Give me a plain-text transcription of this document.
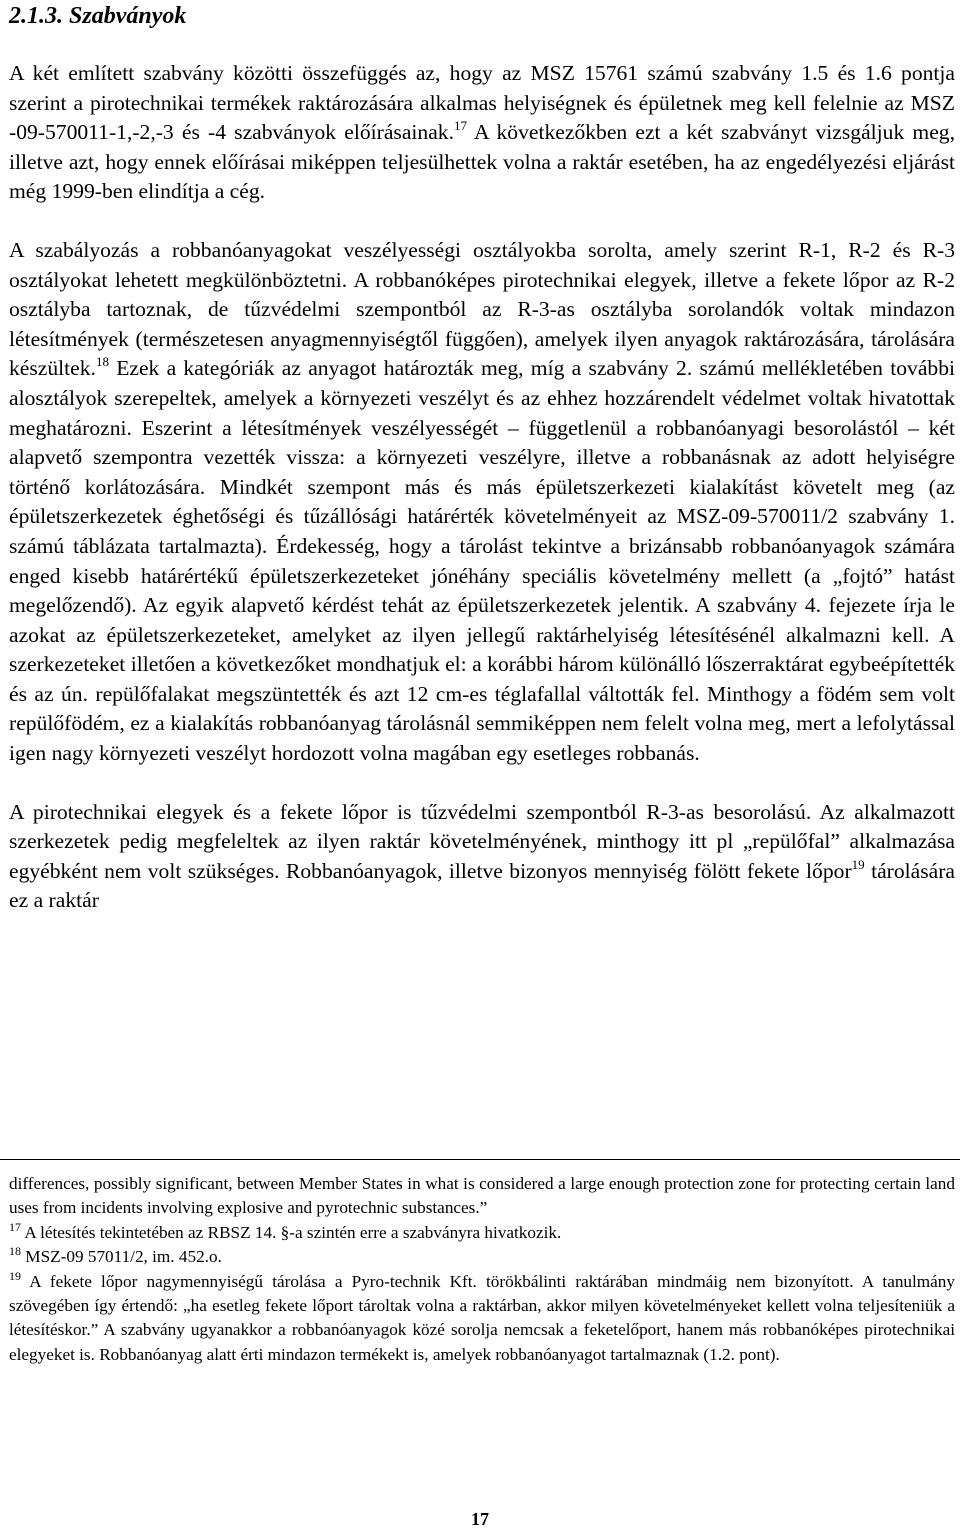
2.1.3. Szabványok

A két említett szabvány közötti összefüggés az, hogy az MSZ 15761 számú szabvány 1.5 és 1.6 pontja szerint a pirotechnikai termékek raktározására alkalmas helyiségnek és épületnek meg kell felelnie az MSZ -09-570011-1,-2,-3 és -4 szabványok előírásainak.$^{17}$ A következőkben ezt a két szabványt vizsgáljuk meg, illetve azt, hogy ennek előírásai miképpen teljesülhettek volna a raktár esetében, ha az engedélyezési eljárást még 1999-ben elindítja a cég.

A szabályozás a robbanóanyagokat veszélyességi osztályokba sorolta, amely szerint R-1, R-2 és R-3 osztályokat lehetett megkülönböztetni. A robbanóképes pirotechnikai elegyek, illetve a fekete lőpor az R-2 osztályba tartoznak, de tűzvédelmi szempontból az R-3-as osztályba sorolandók voltak mindazon létesítmények (természetesen anyagmennyiségtől függően), amelyek ilyen anyagok raktározására, tárolására készültek.$^{18}$ Ezek a kategóriák az anyagot határozták meg, míg a szabvány 2. számú mellékletében további alosztályok szerepeltek, amelyek a környezeti veszélyt és az ehhez hozzárendelt védelmet voltak hivatottak meghatározni. Eszerint a létesítmények veszélyességét – függetlenül a robbanóanyagi besorolástól – két alapvető szempontra vezették vissza: a környezeti veszélyre, illetve a robbanásnak az adott helyiségre történő korlátozására. Mindkét szempont más és más épületszerkezeti kialakítást követelt meg (az épületszerkezetek éghetőségi és tűzállósági határérték követelményeit az MSZ-09-570011/2 szabvány 1. számú táblázata tartalmazta). Érdekesség, hogy a tárolást tekintve a brizánsabb robbanóanyagok számára enged kisebb határértékű épületszerkezeteket jónéhány speciális követelmény mellett (a „fojtó” hatást megelőzendő). Az egyik alapvető kérdést tehát az épületszerkezetek jelentik. A szabvány 4. fejezete írja le azokat az épületszerkezeteket, amelyket az ilyen jellegű raktárhelyiség létesítésénél alkalmazni kell. A szerkezeteket illetően a következőket mondhatjuk el: a korábbi három különálló lőszerraktárat egybeépítették és az ún. repülőfalakat megszüntették és azt 12 cm-es téglafallal váltották fel. Minthogy a födém sem volt repülőfödém, ez a kialakítás robbanóanyag tárolásnál semmiképpen nem felelt volna meg, mert a lefolytással igen nagy környezeti veszélyt hordozott volna magában egy esetleges robbanás.

A pirotechnikai elegyek és a fekete lőpor is tűzvédelmi szempontból R-3-as besorolású. Az alkalmazott szerkezetek pedig megfeleltek az ilyen raktár követelményének, minthogy itt pl „repülőfal” alkalmazása egyébként nem volt szükséges. Robbanóanyagok, illetve bizonyos mennyiség fölött fekete lőpor$^{19}$ tárolására ez a raktár

differences, possibly significant, between Member States in what is considered a large enough protection zone for protecting certain land uses from incidents involving explosive and pyrotechnic substances.”

$^{17}$ A létesítés tekintetében az RBSZ 14. §-a szintén erre a szabványra hivatkozik.

$^{18}$ MSZ-09 57011/2, im. 452.o.

$^{19}$ A fekete lőpor nagymennyiségű tárolása a Pyro-technik Kft. törökbálinti raktárában mindmáig nem bizonyított. A tanulmány szövegében így értendő: „ha esetleg fekete lőport tároltak volna a raktárban, akkor milyen követelményeket kellett volna teljesíteniük a létesítéskor.” A szabvány ugyanakkor a robbanóanyagok közé sorolja nemcsak a feketelőport, hanem más robbanóképes pirotechnikai elegyeket is. Robbanóanyag alatt érti mindazon termékekt is, amelyek robbanóanyagot tartalmaznak (1.2. pont).

17
